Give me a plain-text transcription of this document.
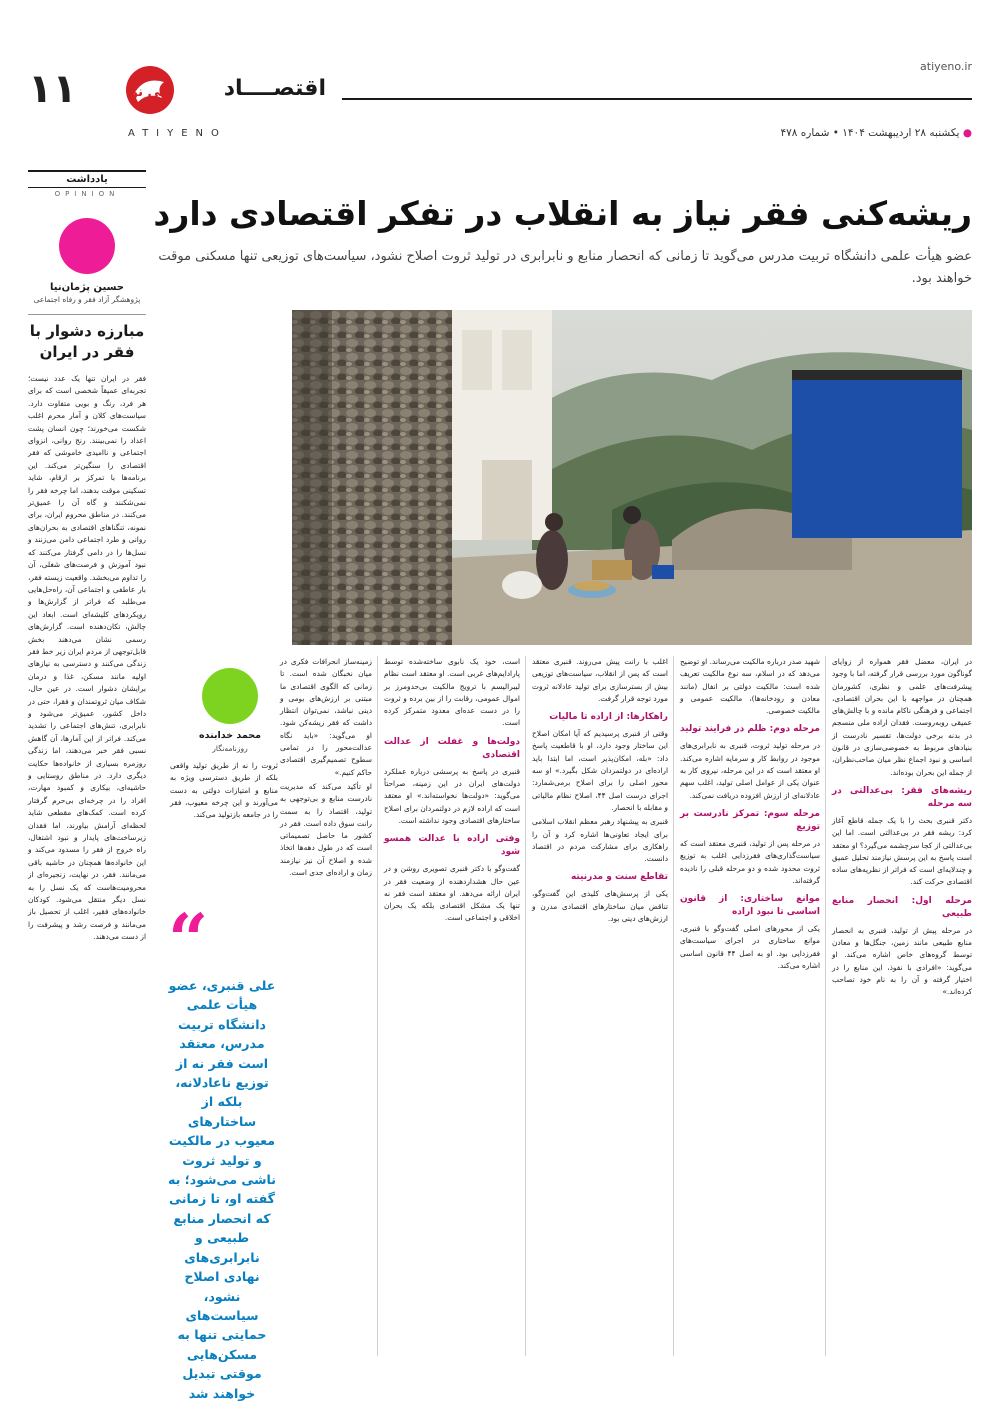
۱۱	آتی نو
ATIYENO
اقتصــــاد
atiyeno.ir
● یکشنبه ۲۸ اردیبهشت ۱۴۰۴ • شماره ۴۷۸
یادداشت
OPINION
حسین پژمان‌نیا
پژوهشگر آزاد فقر و رفاه اجتماعی
مبارزه دشوار با فقر در ایران
فقر در ایران تنها یک عدد نیست؛ تجربه‌ای عمیقاً شخصی است که برای هر فرد، رنگ و بویی متفاوت دارد. سیاست‌های کلان و آمار محرم اغلب شکست می‌خورند؛ چون انسان پشت اعداد را نمی‌بینند. رنج روانی، انزوای اجتماعی و ناامیدی خاموشی که فقر اقتصادی را سنگین‌تر می‌کند. این برنامه‌ها با تمرکز بر ارقام، شاید تسکینی موقت بدهند، اما چرخه فقر را نمی‌شکنند و گاه آن را عمیق‌تر می‌کنند. در مناطق محروم ایران، برای نمونه، تنگناهای اقتصادی به بحران‌های روانی و طرد اجتماعی دامن می‌زنند و نسل‌ها را در دامی گرفتار می‌کنند که نبود آموزش و فرصت‌های شغلی، آن را تداوم می‌بخشد. واقعیت زیسته فقر، بار عاطفی و اجتماعی آن، راه‌حل‌هایی می‌طلبد که فراتر از گزارش‌ها و رویکردهای کلیشه‌ای است. ابعاد این چالش، تکان‌دهنده است. گزارش‌های رسمی نشان می‌دهند بخش قابل‌توجهی از مردم ایران زیر خط فقر زندگی می‌کنند و دسترسی به نیازهای اولیه مانند مسکن، غذا و درمان برایشان دشوار است. در عین حال، شکاف میان ثروتمندان و فقرا، حتی در داخل کشور، عمیق‌تر می‌شود و نابرابری، تنش‌های اجتماعی را تشدید می‌کند. فراتر از این آمارها، آن گاهش نسبی فقر خبر می‌دهند، اما زندگی روزمره بسیاری از خانواده‌ها حکایت دیگری دارد. در مناطق روستایی و حاشیه‌ای، بیکاری و کمبود مهارت، افراد را در چرخه‌ای بی‌حرم گرفتار کرده است. کمک‌های مقطعی شاید لحظه‌ای آرامش بیاورند، اما فقدان زیرساخت‌های پایدار و نبود اشتغال، راه خروج از فقر را مسدود می‌کند و این خانواده‌ها همچنان در حاشیه باقی می‌مانند. فقر، در نهایت، زنجیره‌ای از محرومیت‌هاست که یک نسل را به نسل دیگر منتقل می‌شود. کودکان خانواده‌های فقیر، اغلب از تحصیل باز می‌مانند و فرصت رشد و پیشرفت را از دست می‌دهند.
ریشه‌کنی فقر نیاز به انقلاب در تفکر اقتصادی دارد

عضو هیأت علمی دانشگاه تربیت مدرس می‌گوید تا زمانی که انحصار منابع و نابرابری در تولید ثروت اصلاح نشود، سیاست‌های توزیعی تنها مسکنی موقت خواهند بود.

در ایران، معضل فقر همواره از زوایای گوناگون مورد بررسی قرار گرفته، اما با وجود پیشرفت‌های علمی و نظری، کشورمان همچنان در مواجهه با این بحران اقتصادی، اجتماعی و فرهنگی ناکام مانده و با چالش‌های عمیقی روبه‌روست. فقدان اراده ملی منسجم در بدنه برخی دولت‌ها، تفسیر نادرست از بنیادهای مربوط به خصوصی‌سازی در قانون اساسی و نبود اجماع نظر میان صاحب‌نظران، از جمله این بحران بوده‌اند.

ریشه‌های فقر: بی‌عدالتی در سه مرحله

دکتر قنبری بحث را با یک جمله قاطع آغاز کرد: ریشه فقر در بی‌عدالتی است. اما این بی‌عدالتی از کجا سرچشمه می‌گیرد؟ او معتقد است پاسخ به این پرسش نیازمند تحلیل عمیق و چندلایه‌ای است که فراتر از نظریه‌های ساده اقتصادی حرکت کند.

مرحله اول: انحصار منابع طبیعی

در مرحله پیش از تولید، قنبری به انحصار منابع طبیعی مانند زمین، جنگل‌ها و معادن توسط گروه‌های خاص اشاره می‌کند. او می‌گوید: «افرادی با نفوذ، این منابع را در اختیار گرفته و آن را به نام خود تصاحب کرده‌اند.»

شهید صدر درباره مالکیت می‌رساند. او توضیح می‌دهد که در اسلام، سه نوع مالکیت تعریف شده است: مالکیت دولتی بر انفال (مانند معادن و رودخانه‌ها)، مالکیت عمومی و مالکیت خصوصی.

مرحله دوم: ظلم در فرایند تولید

در مرحله تولید ثروت، قنبری به نابرابری‌های موجود در روابط کار و سرمایه اشاره می‌کند. او معتقد است که در این مرحله، نیروی کار به عنوان یکی از عوامل اصلی تولید، اغلب سهم عادلانه‌ای از ارزش افزوده دریافت نمی‌کند.

مرحله سوم: تمرکز نادرست بر توزیع

در مرحله پس از تولید، قنبری معتقد است که سیاست‌گذاری‌های فقرزدایی اغلب به توزیع ثروت محدود شده و دو مرحله قبلی را نادیده گرفته‌اند.

موانع ساختاری: از قانون اساسی تا نبود اراده

یکی از محورهای اصلی گفت‌وگو با قنبری، موانع ساختاری در اجرای سیاست‌های فقرزدایی بود. او به اصل ۴۴ قانون اساسی اشاره می‌کند.

اغلب با رانت پیش می‌روند. قنبری معتقد است که پس از انقلاب، سیاست‌های توزیعی بیش از بسترسازی برای تولید عادلانه ثروت مورد توجه قرار گرفت.

راهکارها: از اراده تا مالیات

وقتی از قنبری پرسیدیم که آیا امکان اصلاح این ساختار وجود دارد، او با قاطعیت پاسخ داد: «بله، امکان‌پذیر است، اما ابتدا باید اراده‌ای در دولتمردان شکل بگیرد.» او سه محور اصلی را برای اصلاح برمی‌شمارد: اجرای درست اصل ۴۴، اصلاح نظام مالیاتی و مقابله با انحصار.

قنبری به پیشنهاد رهبر معظم انقلاب اسلامی برای ایجاد تعاونی‌ها اشاره کرد و آن را راهکاری برای مشارکت مردم در اقتصاد دانست.

تقاطع سنت و مدرنیته

یکی از پرسش‌های کلیدی این گفت‌وگو، تناقض میان ساختارهای اقتصادی مدرن و ارزش‌های دینی بود.

است، خود یک نابوی ساخته‌شده توسط پارادایم‌های غربی است. او معتقد است نظام لیبرالیسم با ترویج مالکیت بی‌حدومرز بر اموال عمومی، رقابت را از بین برده و ثروت را در دست عده‌ای معدود متمرکز کرده است.

دولت‌ها و غفلت از عدالت اقتصادی

قنبری در پاسخ به پرسشی درباره عملکرد دولت‌های ایران در این زمینه، صراحتاً می‌گوید: «دولت‌ها نخواسته‌اند.» او معتقد است که اراده لازم در دولتمردان برای اصلاح ساختارهای اقتصادی وجود نداشته است.

وفتی اراده با عدالت همسو شود

گفت‌وگو با دکتر قنبری تصویری روشن و در عین حال هشداردهنده از وضعیت فقر در ایران ارائه می‌دهد. او معتقد است فقر نه تنها یک مشکل اقتصادی بلکه یک بحران اخلاقی و اجتماعی است.

زمینه‌ساز انحرافات فکری در میان نخبگان شده است. تا زمانی که الگوی اقتصادی ما مبتنی بر ارزش‌های بومی و دینی نباشد، نمی‌توان انتظار داشت که فقر ریشه‌کن شود. او می‌گوید: «باید نگاه عدالت‌محور را در تمامی سطوح تصمیم‌گیری اقتصادی حاکم کنیم.»

او تأکید می‌کند که مدیریت نادرست منابع و بی‌توجهی به تولید، اقتصاد را به سمت رانت سوق داده است. فقر در کشور ما حاصل تصمیماتی است که در طول دهه‌ها اتخاذ شده و اصلاح آن نیز نیازمند زمان و اراده‌ای جدی است.

محمد خدابنده
روزنامه‌نگار

ثروت را نه از طریق تولید واقعی بلکه از طریق دسترسی ویژه به منابع و امتیازات دولتی به دست می‌آورند و این چرخه معیوب، فقر را در جامعه بازتولید می‌کند.

“
علی قنبری، عضو هیأت علمی دانشگاه تربیت مدرس، معتقد است فقر نه از توزیع ناعادلانه، بلکه از ساختارهای معیوب در مالکیت و تولید ثروت ناشی می‌شود؛ به گفته او، تا زمانی که انحصار منابع طبیعی و نابرابری‌های نهادی اصلاح نشود، سیاست‌های حمایتی تنها به مسکن‌هایی موقتی تبدیل خواهند شد
